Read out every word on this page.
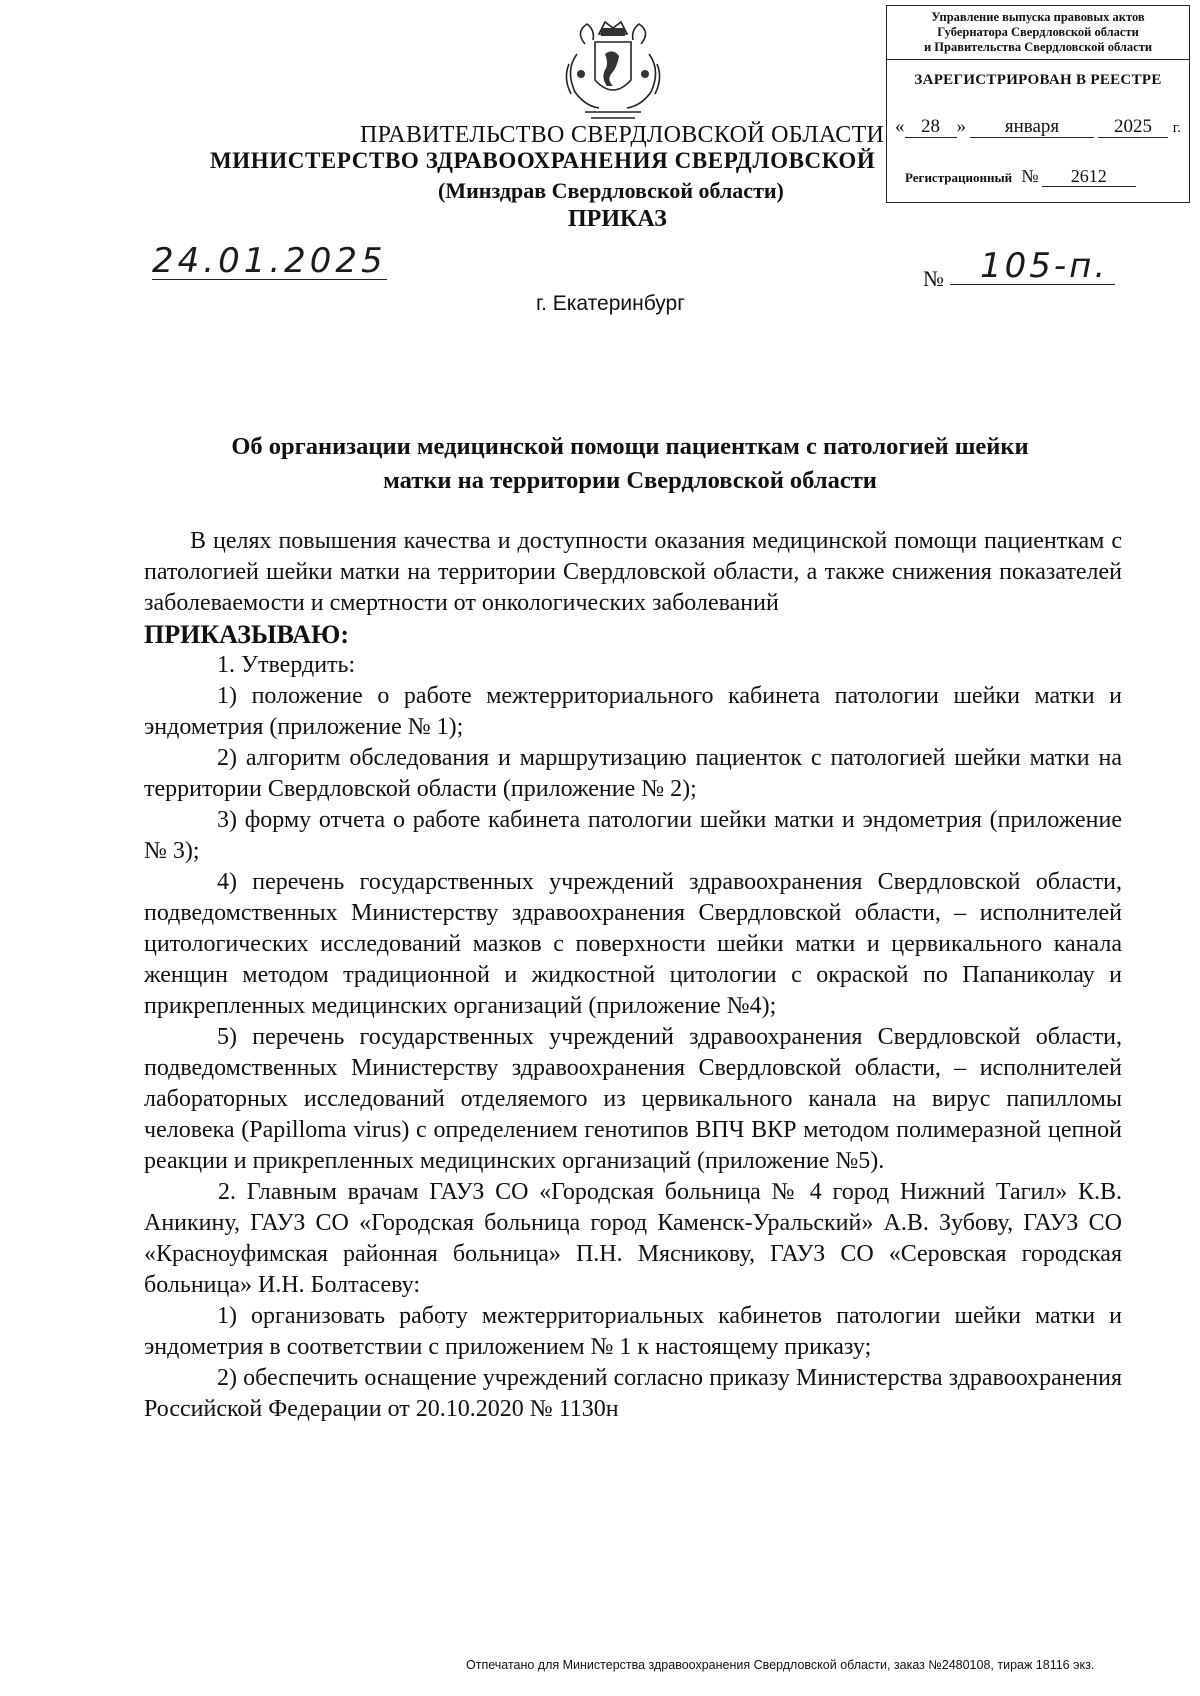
Управление выпуска правовых актов
Губернатора Свердловской области
и Правительства Свердловской области
ЗАРЕГИСТРИРОВАН В РЕЕСТРЕ
« 28 » января	2025 г.
Регистрационный № 2612
ПРАВИТЕЛЬСТВО СВЕРДЛОВСКОЙ ОБЛАСТИ
МИНИСТЕРСТВО ЗДРАВООХРАНЕНИЯ СВЕРДЛОВСКОЙ
(Минздрав Свердловской области)
ПРИКАЗ
24.01.2025	№ 105-п.
г. Екатеринбург
Об организации медицинской помощи пациенткам с патологией шейки
матки на территории Свердловской области

В целях повышения качества и доступности оказания медицинской помощи пациенткам с патологией шейки матки на территории Свердловской области, а также снижения показателей заболеваемости и смертности от онкологических заболеваний

ПРИКАЗЫВАЮ:

1. Утвердить:

1) положение о работе межтерриториального кабинета патологии шейки матки и эндометрия (приложение № 1);

2) алгоритм обследования и маршрутизацию пациенток с патологией шейки матки на территории Свердловской области (приложение № 2);

3) форму отчета о работе кабинета патологии шейки матки и эндометрия (приложение № 3);

4) перечень государственных учреждений здравоохранения Свердловской области, подведомственных Министерству здравоохранения Свердловской области, – исполнителей цитологических исследований мазков с поверхности шейки матки и цервикального канала женщин методом традиционной и жидкостной цитологии с окраской по Папаниколау и прикрепленных медицинских организаций (приложение №4);

5) перечень государственных учреждений здравоохранения Свердловской области, подведомственных Министерству здравоохранения Свердловской области, – исполнителей лабораторных исследований отделяемого из цервикального канала на вирус папилломы человека (Papilloma virus) с определением генотипов ВПЧ ВКР методом полимеразной цепной реакции и прикрепленных медицинских организаций (приложение №5).

2. Главным врачам ГАУЗ СО «Городская больница № 4 город Нижний Тагил» К.В. Аникину, ГАУЗ СО «Городская больница город Каменск-Уральский» А.В. Зубову, ГАУЗ СО «Красноуфимская районная больница» П.Н. Мясникову, ГАУЗ СО «Серовская городская больница» И.Н. Болтасеву:

1) организовать работу межтерриториальных кабинетов патологии шейки матки и эндометрия в соответствии с приложением № 1 к настоящему приказу;

2) обеспечить оснащение учреждений согласно приказу Министерства здравоохранения Российской Федерации от 20.10.2020 № 1130н

Отпечатано для Министерства здравоохранения Свердловской области, заказ №2480108, тираж 18116 экз.
